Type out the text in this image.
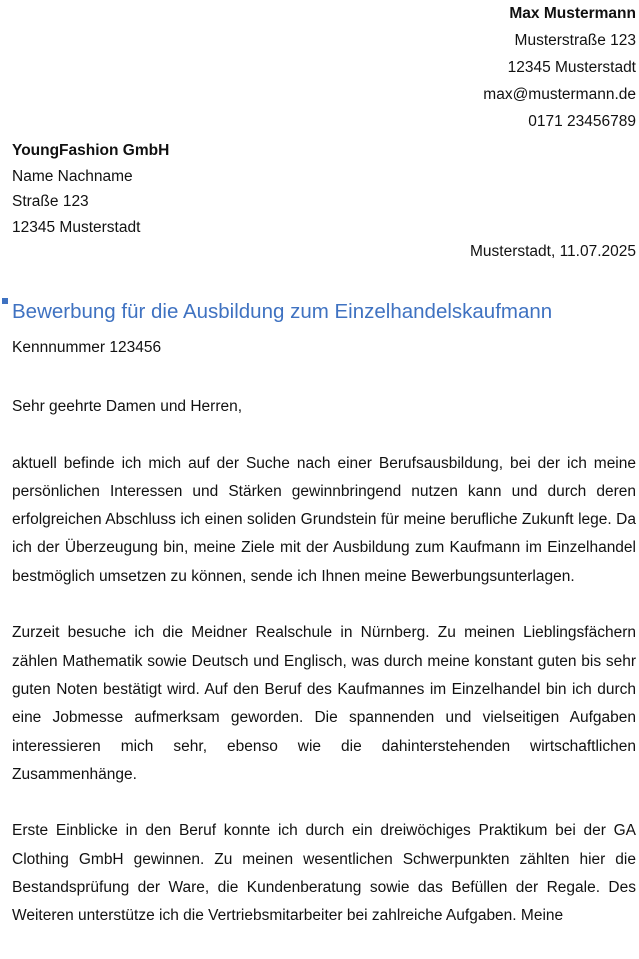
Max Mustermann
Musterstraße 123
12345 Musterstadt
max@mustermann.de
0171 23456789
YoungFashion GmbH
Name Nachname
Straße 123
12345 Musterstadt
Musterstadt, 11.07.2025
Bewerbung für die Ausbildung zum Einzelhandelskaufmann
Kennnummer 123456

Sehr geehrte Damen und Herren,

aktuell befinde ich mich auf der Suche nach einer Berufsausbildung, bei der ich meine persönlichen Interessen und Stärken gewinnbringend nutzen kann und durch deren erfolgreichen Abschluss ich einen soliden Grundstein für meine berufliche Zukunft lege. Da ich der Überzeugung bin, meine Ziele mit der Ausbildung zum Kaufmann im Einzelhandel bestmöglich umsetzen zu können, sende ich Ihnen meine Bewerbungsunterlagen.

Zurzeit besuche ich die Meidner Realschule in Nürnberg. Zu meinen Lieblingsfächern zählen Mathematik sowie Deutsch und Englisch, was durch meine konstant guten bis sehr guten Noten bestätigt wird. Auf den Beruf des Kaufmannes im Einzelhandel bin ich durch eine Jobmesse aufmerksam geworden. Die spannenden und vielseitigen Aufgaben interessieren mich sehr, ebenso wie die dahinterstehenden wirtschaftlichen Zusammenhänge.

Erste Einblicke in den Beruf konnte ich durch ein dreiwöchiges Praktikum bei der GA Clothing GmbH gewinnen. Zu meinen wesentlichen Schwerpunkten zählten hier die Bestandsprüfung der Ware, die Kundenberatung sowie das Befüllen der Regale. Des Weiteren unterstütze ich die Vertriebsmitarbeiter bei zahlreiche Aufgaben. Meine
